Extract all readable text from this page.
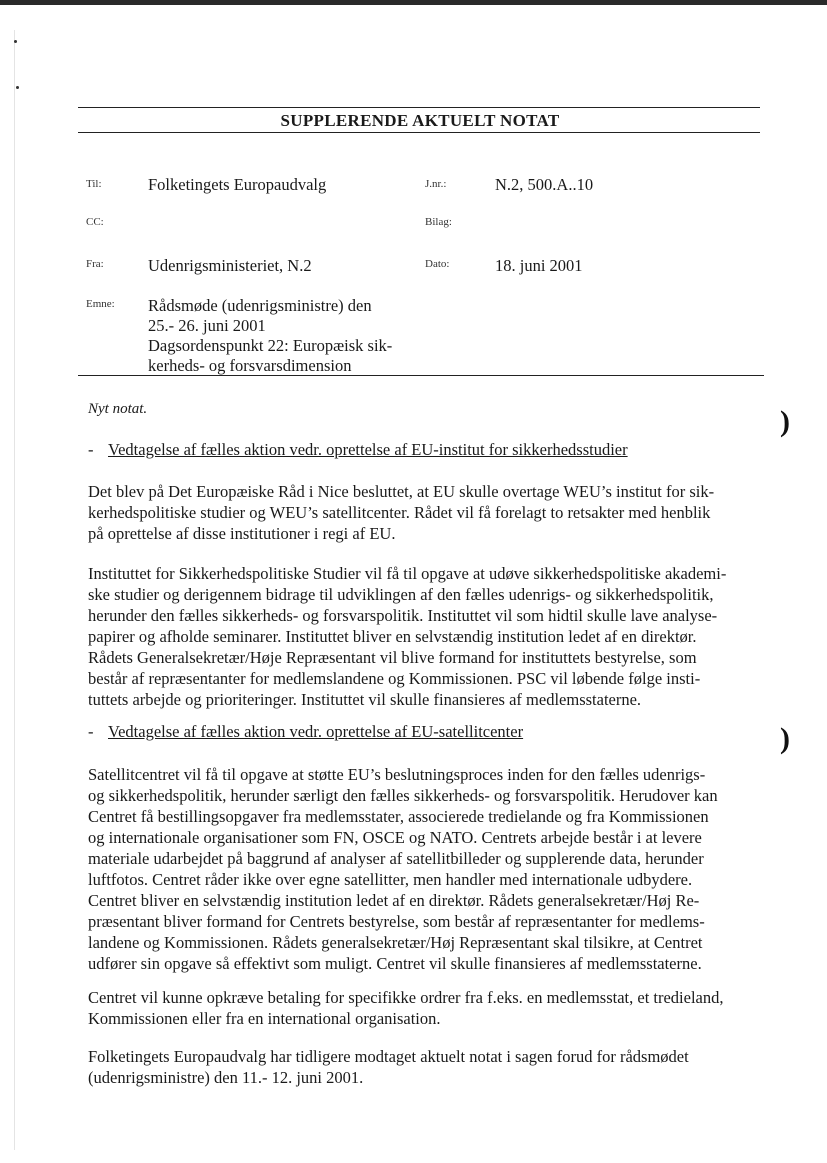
SUPPLERENDE AKTUELT NOTAT
Til:	Folketingets Europaudvalg	J.nr.:	N.2, 500.A..10
CC:	Bilag:
Fra:	Udenrigsministeriet, N.2	Dato:	18. juni 2001
Emne: Rådsmøde (udenrigsministre) den
25.- 26. juni 2001
Dagsordenspunkt 22: Europæisk sik-
kerheds- og forsvarsdimension
Nyt notat.	)
- Vedtagelse af fælles aktion vedr. oprettelse af EU-institut for sikkerhedsstudier
Det blev på Det Europæiske Råd i Nice besluttet, at EU skulle overtage WEU’s institut for sik-
kerhedspolitiske studier og WEU’s satellitcenter. Rådet vil få forelagt to retsakter med henblik
på oprettelse af disse institutioner i regi af EU.
Instituttet for Sikkerhedspolitiske Studier vil få til opgave at udøve sikkerhedspolitiske akademi-
ske studier og derigennem bidrage til udviklingen af den fælles udenrigs- og sikkerhedspolitik,
herunder den fælles sikkerheds- og forsvarspolitik. Instituttet vil som hidtil skulle lave analyse-
papirer og afholde seminarer. Instituttet bliver en selvstændig institution ledet af en direktør.
Rådets Generalsekretær/Høje Repræsentant vil blive formand for instituttets bestyrelse, som
består af repræsentanter for medlemslandene og Kommissionen. PSC vil løbende følge insti-
tuttets arbejde og prioriteringer. Instituttet vil skulle finansieres af medlemsstaterne.
- Vedtagelse af fælles aktion vedr. oprettelse af EU-satellitcenter	)
Satellitcentret vil få til opgave at støtte EU’s beslutningsproces inden for den fælles udenrigs-
og sikkerhedspolitik, herunder særligt den fælles sikkerheds- og forsvarspolitik. Herudover kan
Centret få bestillingsopgaver fra medlemsstater, associerede tredielande og fra Kommissionen
og internationale organisationer som FN, OSCE og NATO. Centrets arbejde består i at levere
materiale udarbejdet på baggrund af analyser af satellitbilleder og supplerende data, herunder
luftfotos. Centret råder ikke over egne satellitter, men handler med internationale udbydere.
Centret bliver en selvstændig institution ledet af en direktør. Rådets generalsekretær/Høj Re-
præsentant bliver formand for Centrets bestyrelse, som består af repræsentanter for medlems-
landene og Kommissionen. Rådets generalsekretær/Høj Repræsentant skal tilsikre, at Centret
udfører sin opgave så effektivt som muligt. Centret vil skulle finansieres af medlemsstaterne.
Centret vil kunne opkræve betaling for specifikke ordrer fra f.eks. en medlemsstat, et tredieland,
Kommissionen eller fra en international organisation.
Folketingets Europaudvalg har tidligere modtaget aktuelt notat i sagen forud for rådsmødet
(udenrigsministre) den 11.- 12. juni 2001.
